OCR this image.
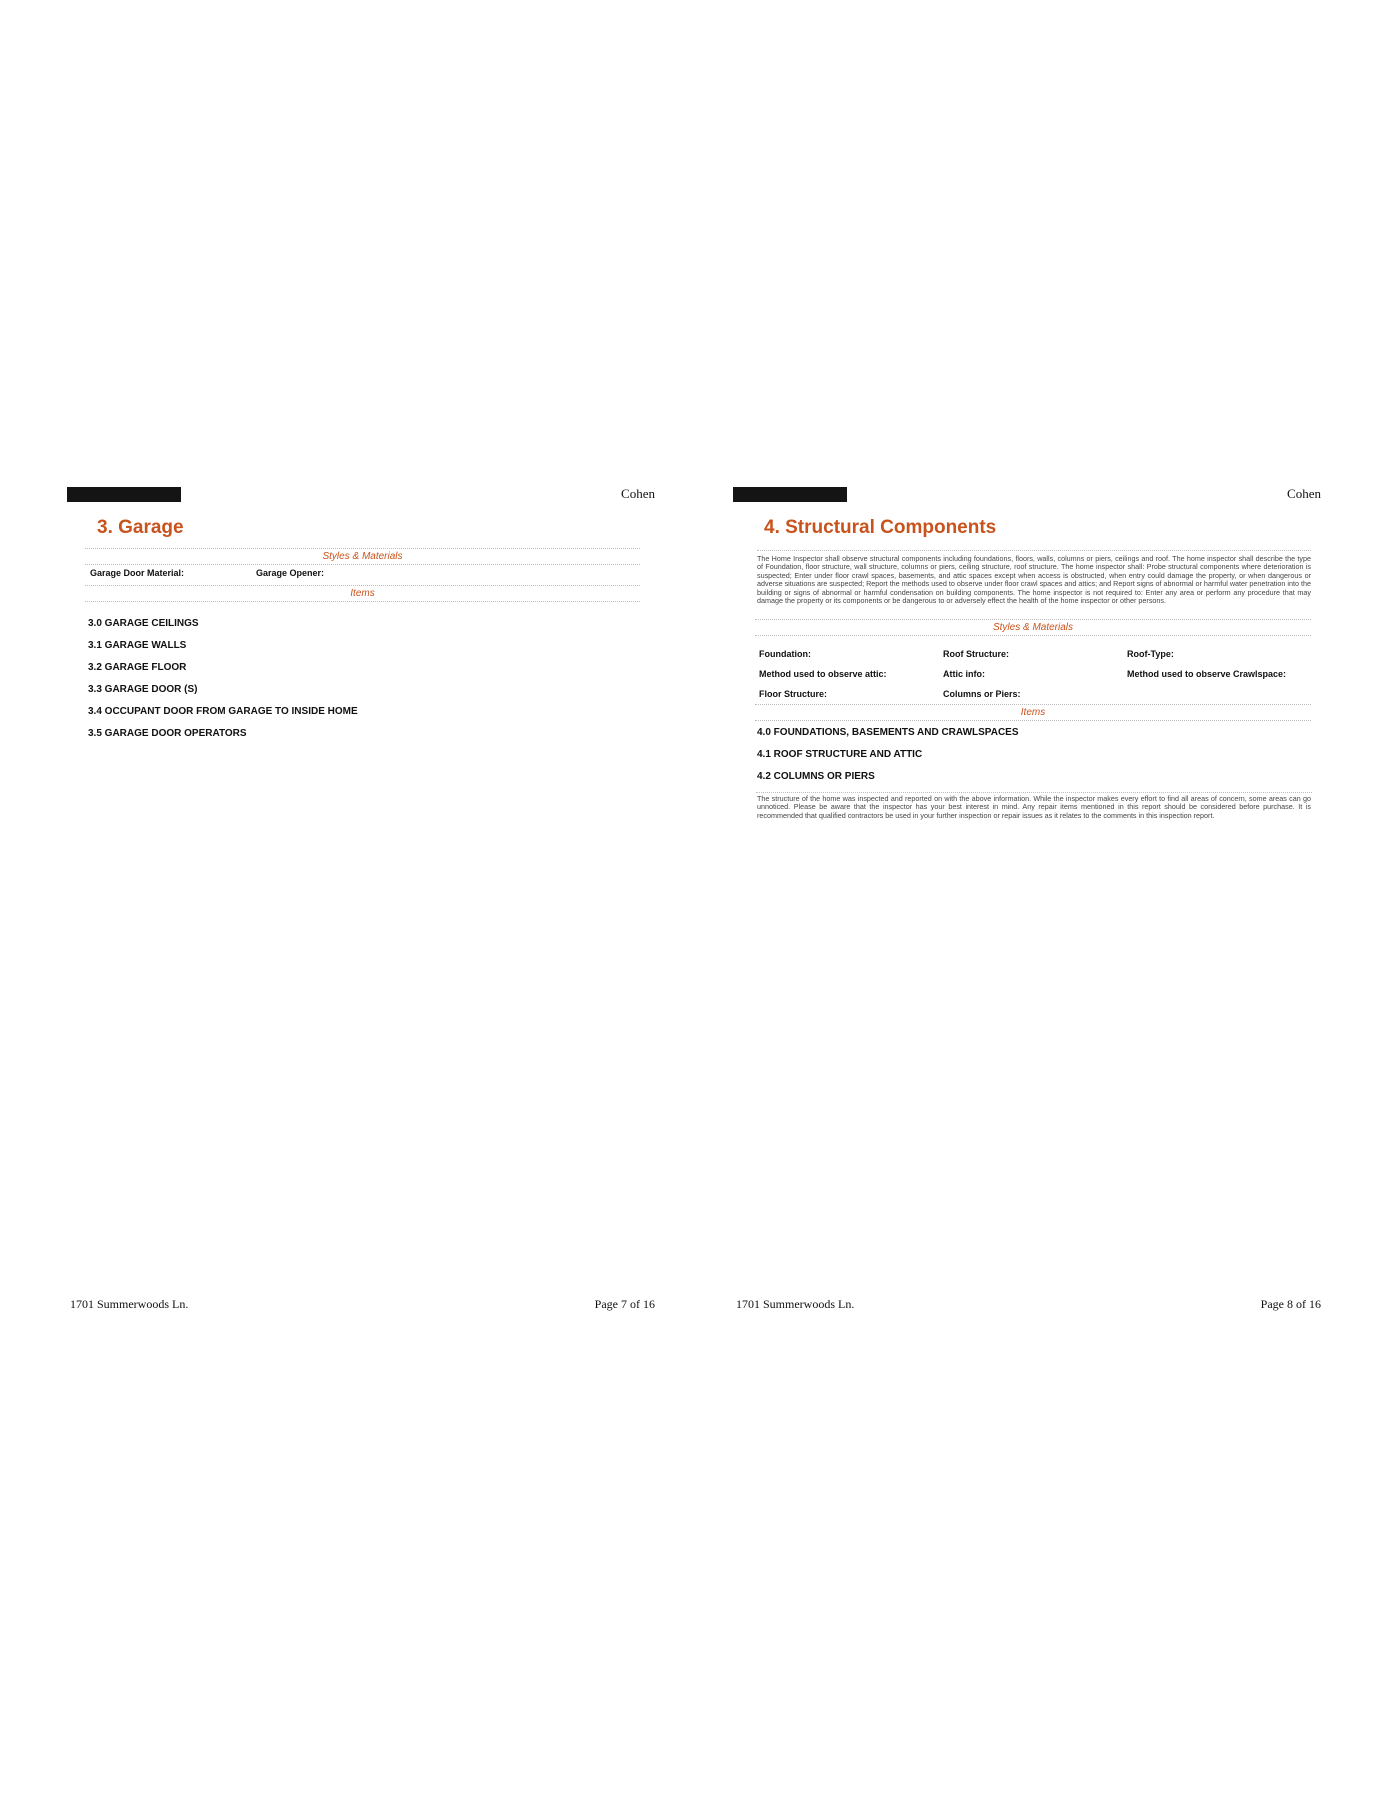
Cohen
3. Garage
Styles & Materials
Garage Door Material:	Garage Opener:
Items
3.0 GARAGE CEILINGS
3.1 GARAGE WALLS
3.2 GARAGE FLOOR
3.3 GARAGE DOOR (S)
3.4 OCCUPANT DOOR FROM GARAGE TO INSIDE HOME
3.5 GARAGE DOOR OPERATORS
1701 Summerwoods Ln.	Page 7 of 16
Cohen
4. Structural Components
The Home Inspector shall observe structural components including foundations, floors, walls, columns or piers, ceilings and roof. The home inspector shall describe the type of Foundation, floor structure, wall structure, columns or piers, ceiling structure, roof structure. The home inspector shall: Probe structural components where deterioration is suspected; Enter under floor crawl spaces, basements, and attic spaces except when access is obstructed, when entry could damage the property, or when dangerous or adverse situations are suspected; Report the methods used to observe under floor crawl spaces and attics; and Report signs of abnormal or harmful water penetration into the building or signs of abnormal or harmful condensation on building components. The home inspector is not required to: Enter any area or perform any procedure that may damage the property or its components or be dangerous to or adversely effect the health of the home inspector or other persons.
Styles & Materials
Foundation:	Roof Structure:	Roof-Type:
Method used to observe attic:	Attic info:	Method used to observe Crawlspace:
Floor Structure:	Columns or Piers:
Items
4.0 FOUNDATIONS, BASEMENTS AND CRAWLSPACES
4.1 ROOF STRUCTURE AND ATTIC
4.2 COLUMNS OR PIERS
The structure of the home was inspected and reported on with the above information. While the inspector makes every effort to find all areas of concern, some areas can go unnoticed. Please be aware that the inspector has your best interest in mind. Any repair items mentioned in this report should be considered before purchase. It is recommended that qualified contractors be used in your further inspection or repair issues as it relates to the comments in this inspection report.
1701 Summerwoods Ln.	Page 8 of 16
